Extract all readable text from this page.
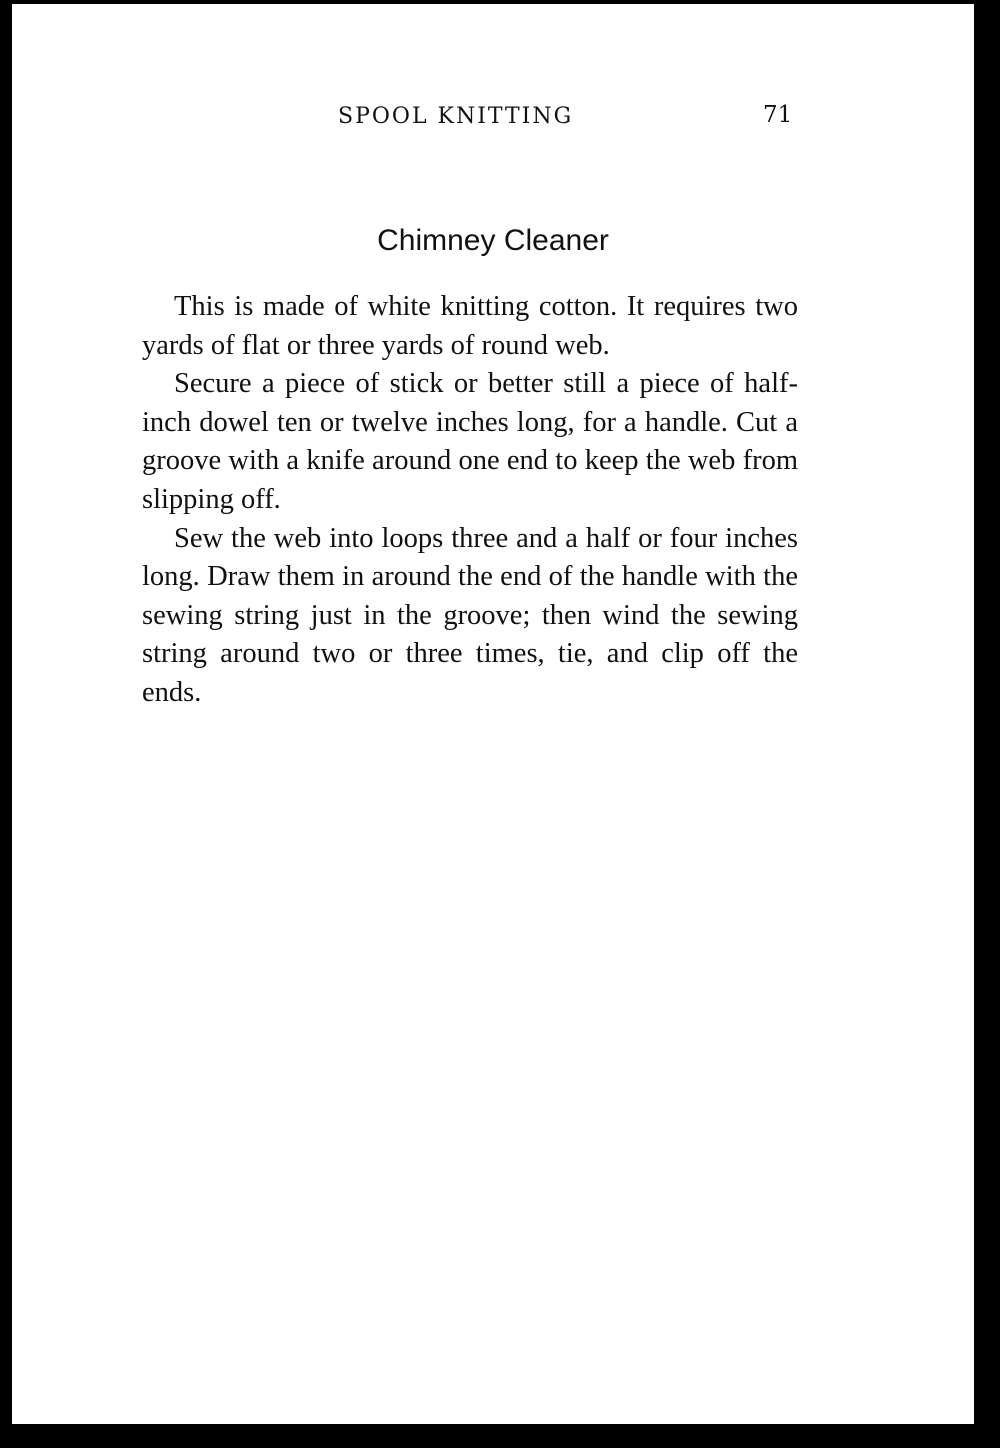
SPOOL KNITTING	71
Chimney Cleaner

This is made of white knitting cotton. It requires two yards of flat or three yards of round web.

Secure a piece of stick or better still a piece of half-inch dowel ten or twelve inches long, for a handle. Cut a groove with a knife around one end to keep the web from slipping off.

Sew the web into loops three and a half or four inches long. Draw them in around the end of the handle with the sewing string just in the groove; then wind the sewing string around two or three times, tie, and clip off the ends.
